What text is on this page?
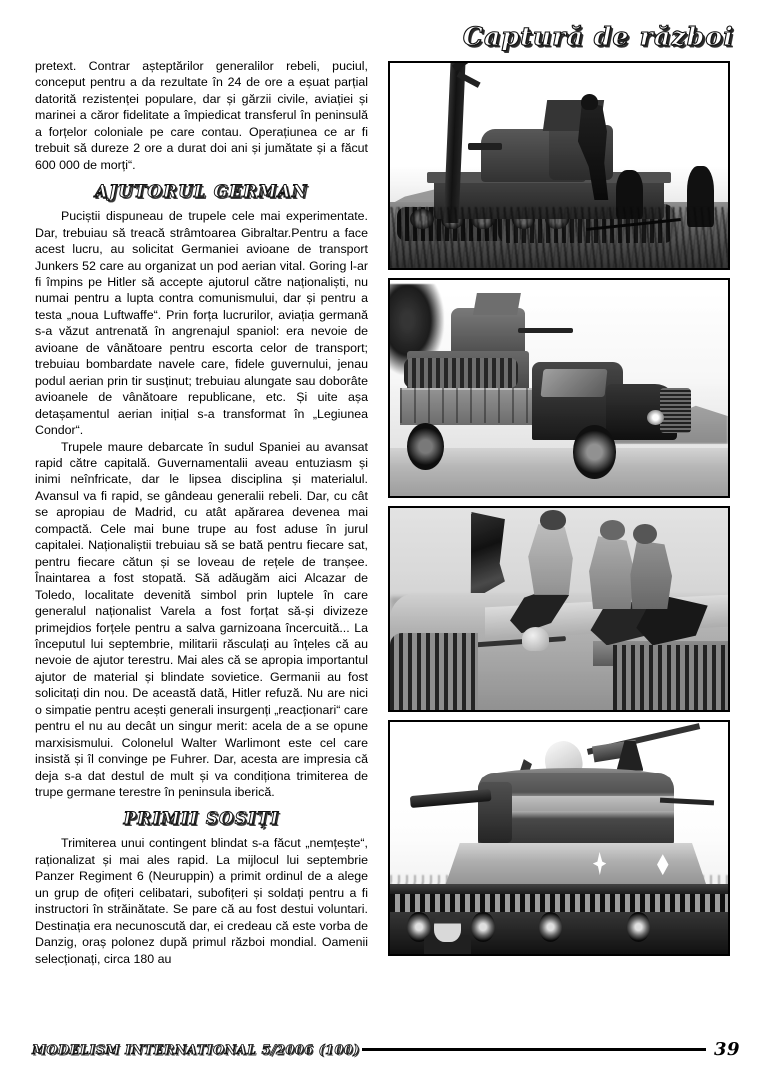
Captură de război

pretext. Contrar așteptărilor generalilor rebeli, puciul, conceput pentru a da rezultate în 24 de ore a eșuat parțial datorită rezistenței populare, dar și gărzii civile, aviației și marinei a căror fidelitate a împiedicat transferul în peninsulă a forțelor coloniale pe care contau. Operațiunea ce ar fi trebuit să dureze 2 ore a durat doi ani și jumătate și a făcut 600 000 de morți“.

AJUTORUL GERMAN

Puciștii dispuneau de trupele cele mai experimentate. Dar, trebuiau să treacă strâmtoarea Gibraltar.Pentru a face acest lucru, au solicitat Germaniei avioane de transport Junkers 52 care au organizat un pod aerian vital. Goring l-ar fi împins pe Hitler să accepte ajutorul către naționaliști, nu numai pentru a lupta contra comunismului, dar și pentru a testa „noua Luftwaffe“. Prin forța lucrurilor, aviația germană s-a văzut antrenată în angrenajul spaniol: era nevoie de avioane de vânătoare pentru escorta celor de transport; trebuiau bombardate navele care, fidele guvernului, jenau podul aerian prin tir susținut; trebuiau alungate sau doborâte avioanele de vânătoare republicane, etc. Și uite așa detașamentul aerian inițial s-a transformat în „Legiunea Condor“.

Trupele maure debarcate în sudul Spaniei au avansat rapid către capitală. Guvernamentalii aveau entuziasm și inimi neînfricate, dar le lipsea disciplina și materialul. Avansul va fi rapid, se gândeau generalii rebeli. Dar, cu cât se apropiau de Madrid, cu atât apărarea devenea mai compactă. Cele mai bune trupe au fost aduse în jurul capitalei. Naționaliștii trebuiau să se bată pentru fiecare sat, pentru fiecare cătun și se loveau de rețele de tranșee. Înaintarea a fost stopată. Să adăugăm aici Alcazar de Toledo, localitate devenită simbol prin luptele în care generalul naționalist Varela a fost forțat să-și divizeze primejdios forțele pentru a salva garnizoana încercuită... La începutul lui septembrie, militarii răsculați au înțeles că au nevoie de ajutor terestru. Mai ales că se apropia importantul ajutor de material și blindate sovietice. Germanii au fost solicitați din nou. De această dată, Hitler refuză. Nu are nici o simpatie pentru acești generali insurgenți „reacționari“ care pentru el nu au decât un singur merit: acela de a se opune marxisismului. Colonelul Walter Warlimont este cel care insistă și îl convinge pe Fuhrer. Dar, acesta are impresia că deja s-a dat destul de mult și va condiționa trimiterea de trupe germane terestre în peninsula iberică.

PRIMII SOSIȚI

Trimiterea unui contingent blindat s-a făcut „nemțește“, raționalizat și mai ales rapid. La mijlocul lui septembrie Panzer Regiment 6 (Neuruppin) a primit ordinul de a alege un grup de ofițeri celibatari, subofițeri și soldați pentru a fi instructori în străinătate. Se pare că au fost destui voluntari. Destinația era necunoscută dar, ei credeau că este vorba de Danzig, oraș polonez după primul război mondial. Oamenii selecționați, circa 180 au

MODELISM INTERNATIONAL 5/2006 (100)	39
